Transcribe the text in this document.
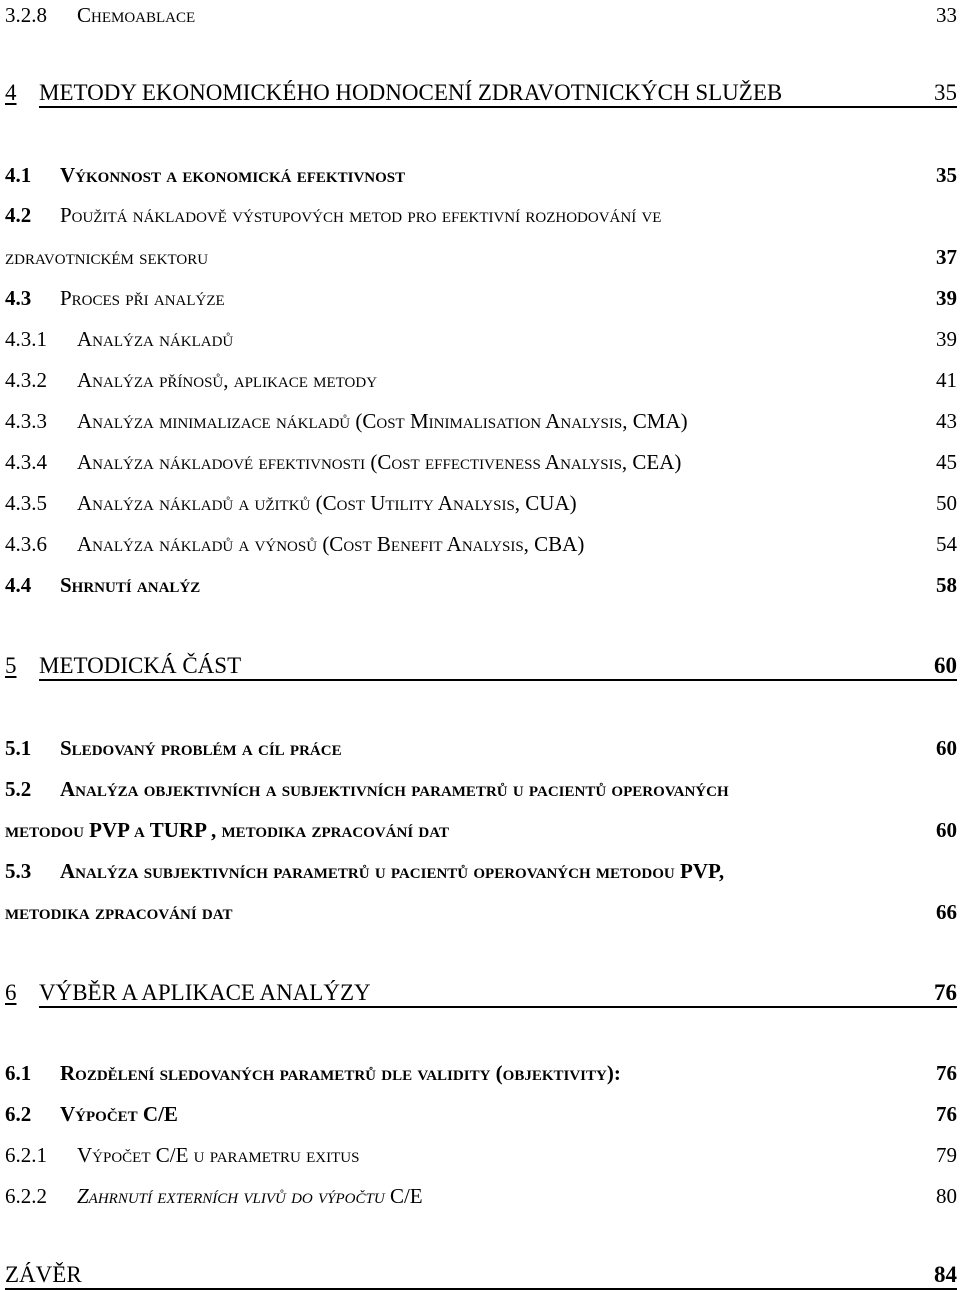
3.2.8 Chemoablace	33
4 METODY EKONOMICKÉHO HODNOCENÍ ZDRAVOTNICKÝCH SLUŽEB	35
4.1 Výkonnost a ekonomická efektivnost	35
4.2 Použitá nákladově výstupových metod pro efektivní rozhodování ve
zdravotnickém sektoru	37
4.3 Proces při analýze	39
4.3.1 Analýza nákladů	39
4.3.2 Analýza přínosů, aplikace metody	41
4.3.3 Analýza minimalizace nákladů (Cost Minimalisation Analysis, CMA)	43
4.3.4 Analýza nákladové efektivnosti (Cost effectiveness Analysis, CEA)	45
4.3.5 Analýza nákladů a užitků (Cost Utility Analysis, CUA)	50
4.3.6 Analýza nákladů a výnosů (Cost Benefit Analysis, CBA)	54
4.4 Shrnutí analýz	58
5 METODICKÁ ČÁST	60
5.1 Sledovaný problém a cíl práce	60
5.2 Analýza objektivních a subjektivních parametrů u pacientů operovaných
metodou PVP a TURP , metodika zpracování dat	60
5.3 Analýza subjektivních parametrů u pacientů operovaných metodou PVP,
metodika zpracování dat	66
6 VÝBĚR A APLIKACE ANALÝZY	76
6.1 Rozdělení sledovaných parametrů dle validity (objektivity):	76
6.2 Výpočet C/E	76
6.2.1 Výpočet C/E u parametru exitus	79
6.2.2 Zahrnutí externích vlivů do výpočtu C/E	80
ZÁVĚR	84
